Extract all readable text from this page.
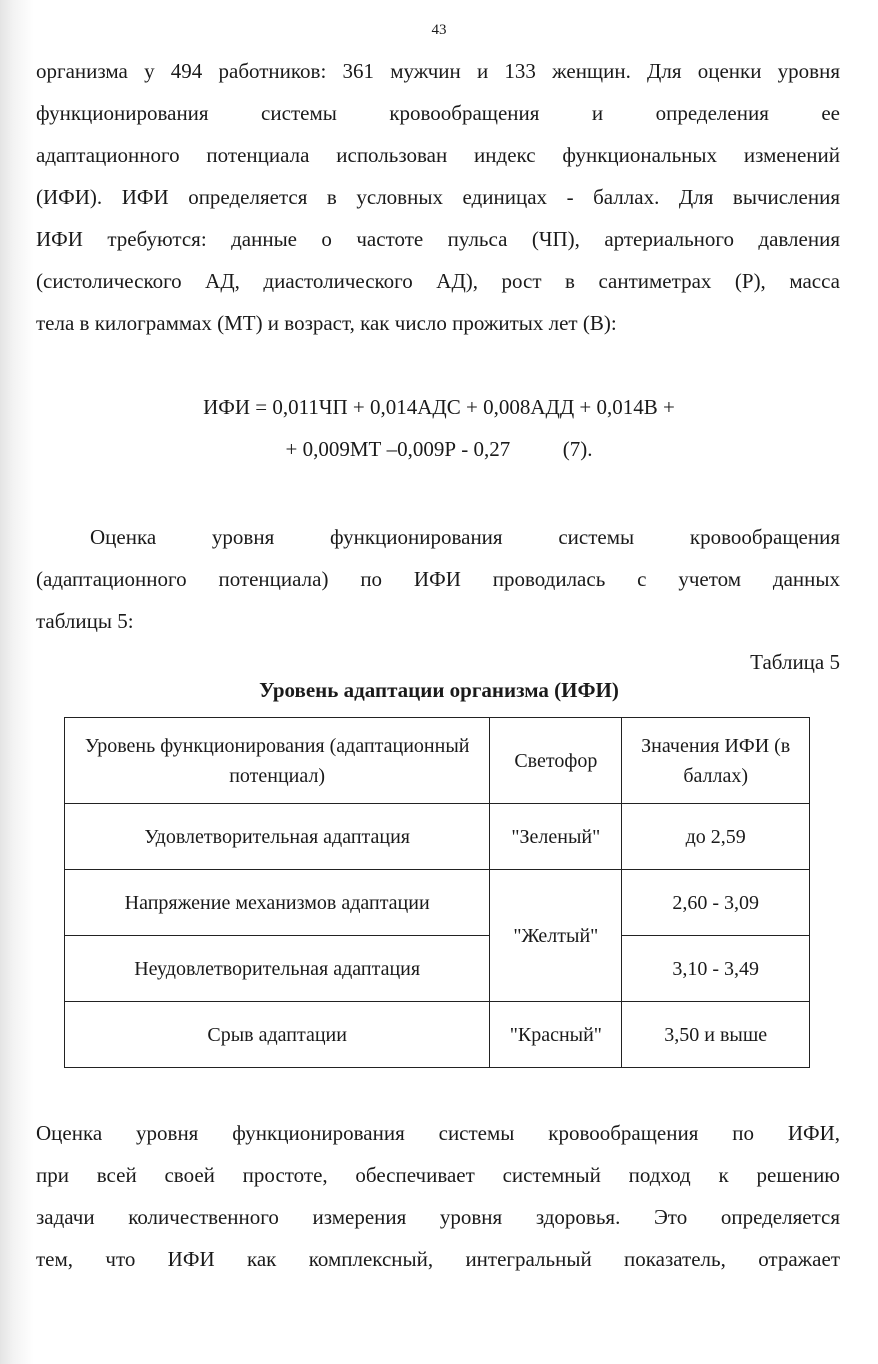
43

организма у 494 работников: 361 мужчин и 133 женщин. Для оценки уровня

функционирования системы кровообращения и определения ее

адаптационного потенциала использован индекс функциональных изменений

(ИФИ). ИФИ определяется в условных единицах - баллах. Для вычисления

ИФИ требуются: данные о частоте пульса (ЧП), артериального давления

(систолического АД, диастолического АД), рост в сантиметрах (Р), масса

тела в килограммах (МТ) и возраст, как число прожитых лет (В):

ИФИ = 0,011ЧП + 0,014АДС + 0,008АДД + 0,014В +

+ 0,009МТ –0,009Р - 0,27          (7).

Оценка уровня функционирования системы кровообращения

(адаптационного потенциала) по ИФИ проводилась с учетом данных

таблицы 5:

Таблица 5
Уровень адаптации организма (ИФИ)
Уровень функционирования (адаптационный потенциал)	Светофор	Значения ИФИ (в баллах)
Удовлетворительная адаптация	"Зеленый"	до 2,59
Напряжение механизмов адаптации	"Желтый"	2,60 - 3,09
Неудовлетворительная адаптация		3,10 - 3,49
Срыв адаптации	"Красный"	3,50 и выше

Оценка уровня функционирования системы кровообращения по ИФИ,

при всей своей простоте, обеспечивает системный подход к решению

задачи количественного измерения уровня здоровья. Это определяется

тем, что ИФИ как комплексный, интегральный показатель, отражает
